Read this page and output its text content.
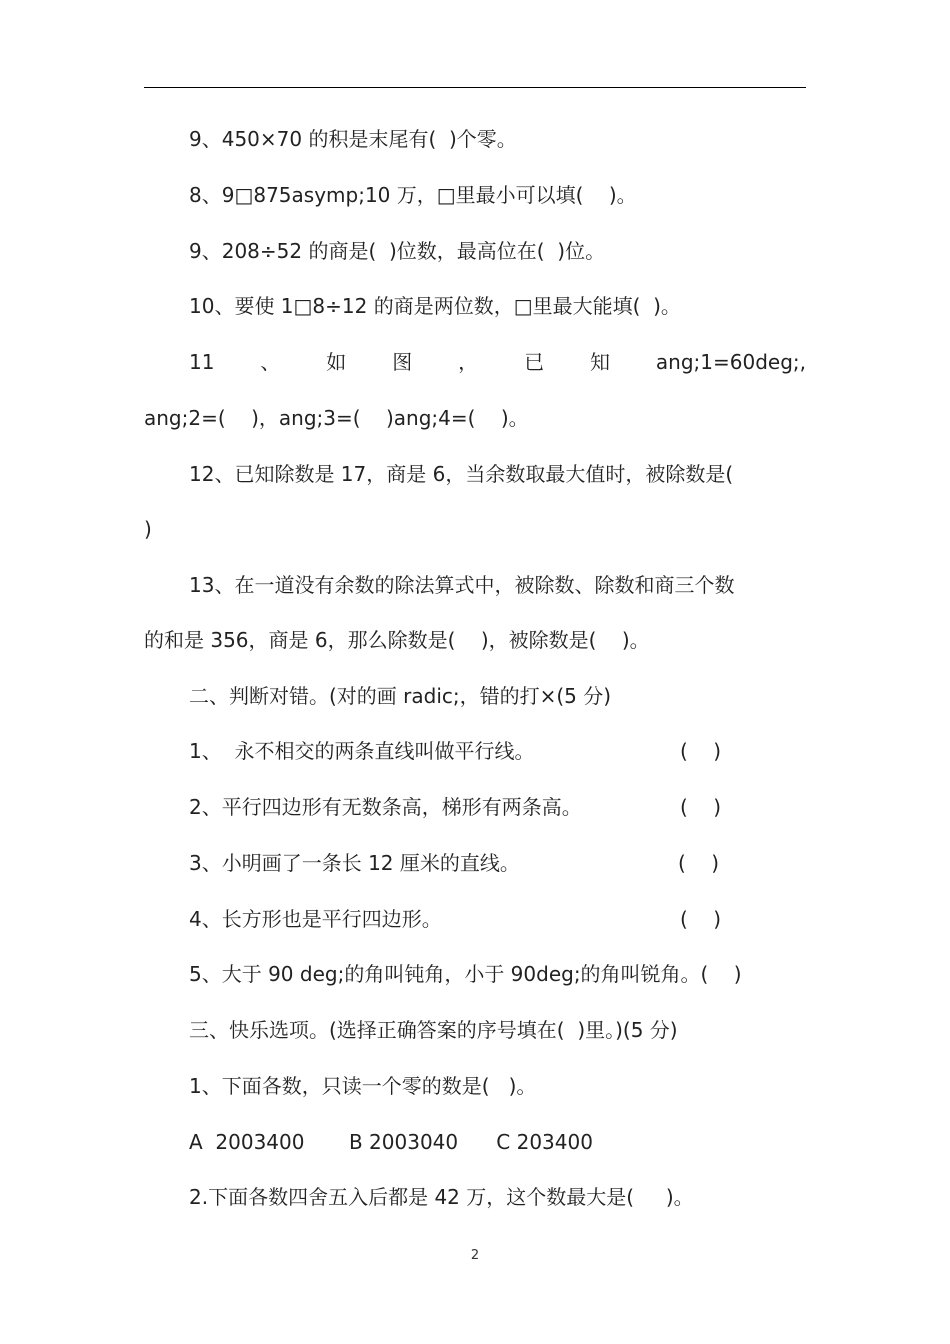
9、450×70 的积是末尾有(  )个零。
8、9□875asymp;10 万，□里最小可以填(    )。
9、208÷52 的商是(  )位数，最高位在(  )位。
10、要使 1□8÷12 的商是两位数，□里最大能填(  )。
11 、 如 图 ， 已 知 ang;1=60deg;,
ang;2=(    )，ang;3=(    )ang;4=(    )。
12、已知除数是 17，商是 6，当余数取最大值时，被除数是(
)
13、在一道没有余数的除法算式中，被除数、除数和商三个数
的和是 356，商是 6，那么除数是(    )，被除数是(    )。
二、判断对错。(对的画 radic;，错的打×(5 分)
1、  永不相交的两条直线叫做平行线。	(    )
2、平行四边形有无数条高，梯形有两条高。	(    )
3、小明画了一条长 12 厘米的直线。	(    )
4、长方形也是平行四边形。	(    )
5、大于 90 deg;的角叫钝角，小于 90deg;的角叫锐角。(    )
三、快乐选项。(选择正确答案的序号填在(  )里。)(5 分)
1、下面各数，只读一个零的数是(   )。
A  2003400       B 2003040      C 203400
2.下面各数四舍五入后都是 42 万，这个数最大是(     )。
2
